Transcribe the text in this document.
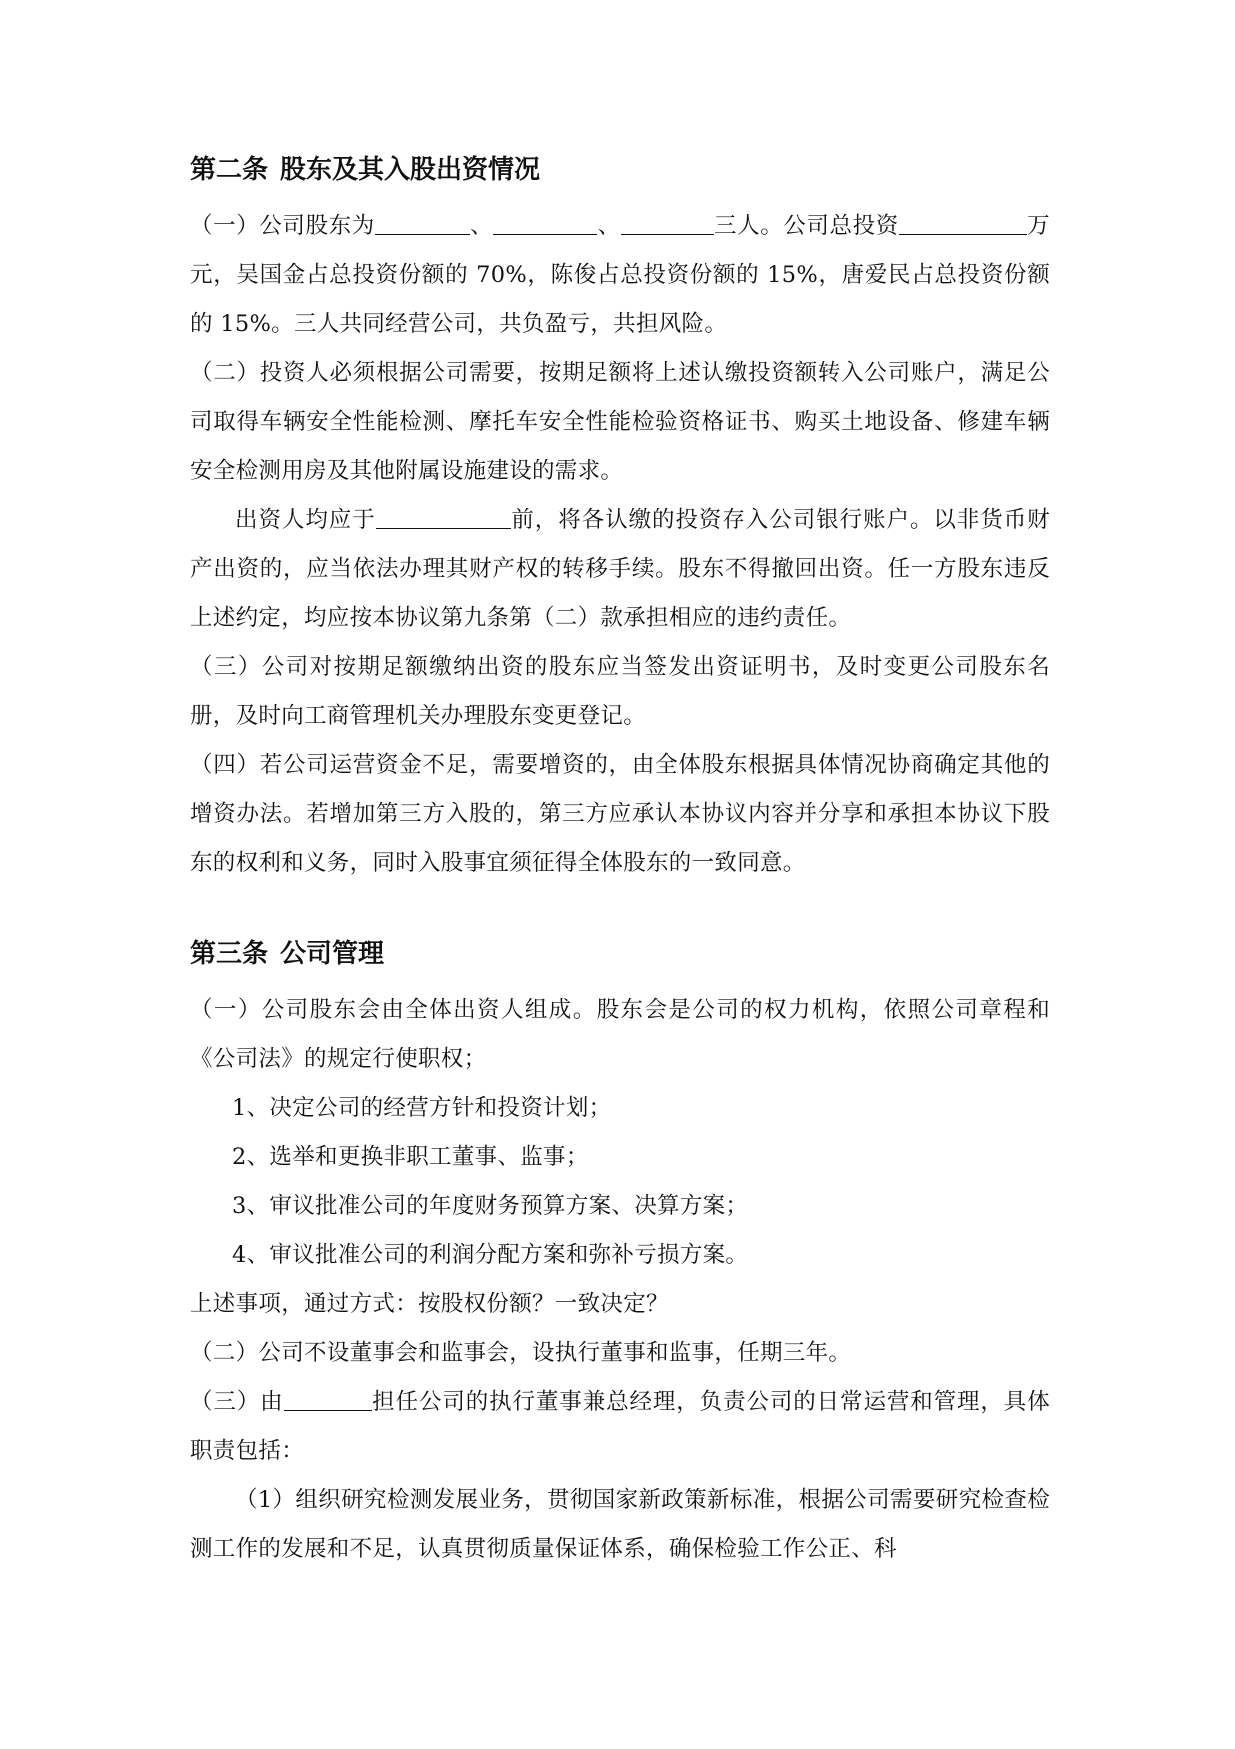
第二条 股东及其入股出资情况

（一）公司股东为	、	、	三人。公司总投资	万元，吴国金占总投资份额的 70%，陈俊占总投资份额的 15%，唐爱民占总投资份额的 15%。三人共同经营公司，共负盈亏，共担风险。

（二）投资人必须根据公司需要，按期足额将上述认缴投资额转入公司账户，满足公司取得车辆安全性能检测、摩托车安全性能检验资格证书、购买土地设备、修建车辆安全检测用房及其他附属设施建设的需求。

出资人均应于	前，将各认缴的投资存入公司银行账户。以非货币财产出资的，应当依法办理其财产权的转移手续。股东不得撤回出资。任一方股东违反上述约定，均应按本协议第九条第（二）款承担相应的违约责任。

（三）公司对按期足额缴纳出资的股东应当签发出资证明书，及时变更公司股东名册，及时向工商管理机关办理股东变更登记。

（四）若公司运营资金不足，需要增资的，由全体股东根据具体情况协商确定其他的增资办法。若增加第三方入股的，第三方应承认本协议内容并分享和承担本协议下股东的权利和义务，同时入股事宜须征得全体股东的一致同意。

第三条 公司管理

（一）公司股东会由全体出资人组成。股东会是公司的权力机构，依照公司章程和《公司法》的规定行使职权；

1、决定公司的经营方针和投资计划；

2、选举和更换非职工董事、监事；

3、审议批准公司的年度财务预算方案、决算方案；

4、审议批准公司的利润分配方案和弥补亏损方案。

上述事项，通过方式：按股权份额？一致决定？

（二）公司不设董事会和监事会，设执行董事和监事，任期三年。

（三）由	担任公司的执行董事兼总经理，负责公司的日常运营和管理，具体职责包括：

（1）组织研究检测发展业务，贯彻国家新政策新标准，根据公司需要研究检查检测工作的发展和不足，认真贯彻质量保证体系，确保检验工作公正、科
